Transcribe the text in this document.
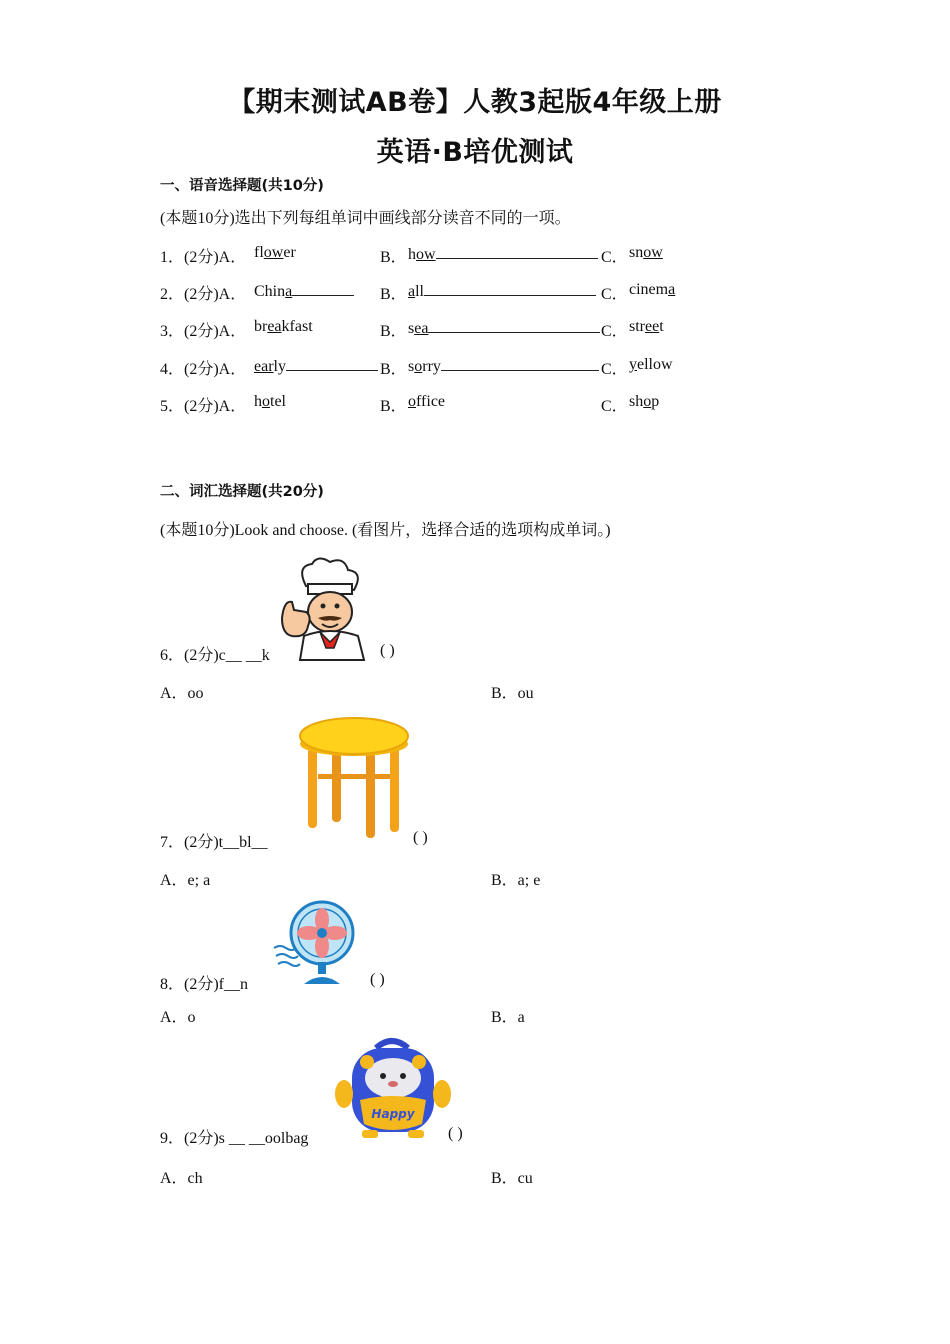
【期末测试AB卷】人教3起版4年级上册
英语·B培优测试
一、语音选择题(共10分)
(本题10分)选出下列每组单词中画线部分读音不同的一项。
1．(2分)A． flower	B． how	C． snow
2．(2分)A． China	B． all	C． cinema
3．(2分)A． breakfast	B． sea	C． street
4．(2分)A． early	B． sorry	C． yellow
5．(2分)A． hotel	B． office	C． shop
二、词汇选择题(共20分)
(本题10分)Look and choose. (看图片，选择合适的选项构成单词。)
6．(2分)c__ __k	( )
A．oo	B．ou
7．(2分)t__bl__	( )
A．e; a	B．a; e
8．(2分)f__n	( )
A．o	B．a
9．(2分)s __ __oolbag	( )
A．ch	B．cu
Happy
